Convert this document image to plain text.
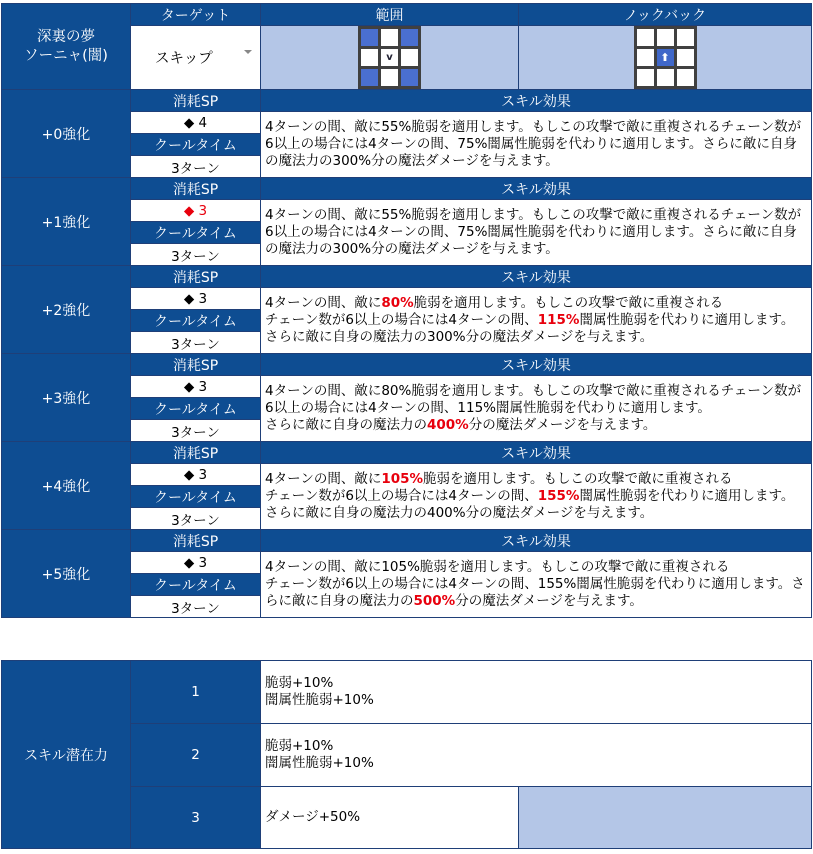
深裏の夢
ソーニャ(闇)	ターゲット	範囲	ノックバック
	スキップ	v	⬆

+0強化	消耗SP	スキル効果	
	◆ 4	4ターンの間、敵に55%脆弱を適用します。もしこの攻撃で敵に重複されるチェーン数が6以上の場合には4ターンの間、75%闇属性脆弱を代わりに適用します。さらに敵に自身の魔法力の300%分の魔法ダメージを与えます。	
	クールタイム		
	3ターン		
+1強化	消耗SP	スキル効果	
	◆ 3	4ターンの間、敵に55%脆弱を適用します。もしこの攻撃で敵に重複されるチェーン数が6以上の場合には4ターンの間、75%闇属性脆弱を代わりに適用します。さらに敵に自身の魔法力の300%分の魔法ダメージを与えます。	
	クールタイム		
	3ターン		
+2強化	消耗SP	スキル効果	
	◆ 3	4ターンの間、敵に80%脆弱を適用します。もしこの攻撃で敵に重複される
チェーン数が6以上の場合には4ターンの間、115%闇属性脆弱を代わりに適用します。さらに敵に自身の魔法力の300%分の魔法ダメージを与えます。	
	クールタイム		
	3ターン		
+3強化	消耗SP	スキル効果	
	◆ 3	4ターンの間、敵に80%脆弱を適用します。もしこの攻撃で敵に重複されるチェーン数が6以上の場合には4ターンの間、115%闇属性脆弱を代わりに適用します。
さらに敵に自身の魔法力の400%分の魔法ダメージを与えます。	
	クールタイム		
	3ターン		
+4強化	消耗SP	スキル効果	
	◆ 3	4ターンの間、敵に105%脆弱を適用します。もしこの攻撃で敵に重複される
チェーン数が6以上の場合には4ターンの間、155%闇属性脆弱を代わりに適用します。さらに敵に自身の魔法力の400%分の魔法ダメージを与えます。	
	クールタイム		
	3ターン		
+5強化	消耗SP	スキル効果	
	◆ 3	4ターンの間、敵に105%脆弱を適用します。もしこの攻撃で敵に重複される
チェーン数が6以上の場合には4ターンの間、155%闇属性脆弱を代わりに適用します。さらに敵に自身の魔法力の500%分の魔法ダメージを与えます。	
	クールタイム		
	3ターン		
スキル潜在力	1	脆弱+10%
闇属性脆弱+10%	
	2	脆弱+10%
闇属性脆弱+10%	
	3	ダメージ+50%	
